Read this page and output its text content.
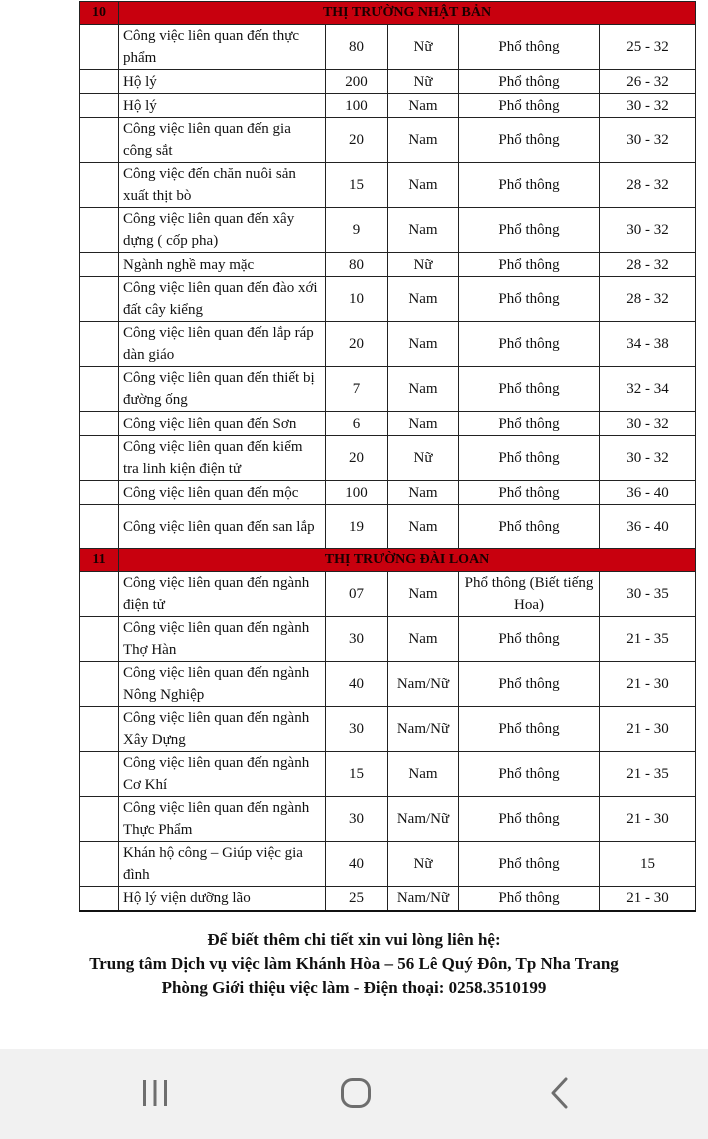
10	THỊ TRƯỜNG NHẬT BẢN				
	Công việc liên quan đến thực phẩm	80	Nữ	Phổ thông	25 - 32
	Hộ lý	200	Nữ	Phổ thông	26 - 32
	Hộ lý	100	Nam	Phổ thông	30 - 32
	Công việc liên quan đến gia công sắt	20	Nam	Phổ thông	30 - 32
	Công việc đến chăn nuôi sản xuất thịt bò	15	Nam	Phổ thông	28 - 32
	Công việc liên quan đến xây dựng ( cốp pha)	9	Nam	Phổ thông	30 - 32
	Ngành nghề may mặc	80	Nữ	Phổ thông	28 - 32
	Công việc liên quan đến đào xới đất cây kiểng	10	Nam	Phổ thông	28 - 32
	Công việc liên quan đến lắp ráp dàn giáo	20	Nam	Phổ thông	34 - 38
	Công việc liên quan đến thiết bị đường ống	7	Nam	Phổ thông	32 - 34
	Công việc liên quan đến Sơn	6	Nam	Phổ thông	30 - 32
	Công việc liên quan đến kiểm tra linh kiện điện tử	20	Nữ	Phổ thông	30 - 32
	Công việc liên quan đến mộc	100	Nam	Phổ thông	36 - 40
	Công việc liên quan đến san lắp	19	Nam	Phổ thông	36 - 40
11	THỊ TRƯỜNG ĐÀI LOAN				
	Công việc liên quan đến ngành điện tử	07	Nam	Phổ thông (Biết tiếng Hoa)	30 - 35
	Công việc liên quan đến ngành Thợ Hàn	30	Nam	Phổ thông	21 - 35
	Công việc liên quan đến ngành Nông Nghiệp	40	Nam/Nữ	Phổ thông	21 - 30
	Công việc liên quan đến ngành Xây Dựng	30	Nam/Nữ	Phổ thông	21 - 30
	Công việc liên quan đến ngành Cơ Khí	15	Nam	Phổ thông	21 - 35
	Công việc liên quan đến ngành Thực Phẩm	30	Nam/Nữ	Phổ thông	21 - 30
	Khán hộ công – Giúp việc gia đình	40	Nữ	Phổ thông	15
	Hộ lý viện dưỡng lão	25	Nam/Nữ	Phổ thông	21 - 30
Để biết thêm chi tiết xin vui lòng liên hệ:
Trung tâm Dịch vụ việc làm Khánh Hòa – 56 Lê Quý Đôn, Tp Nha Trang
Phòng Giới thiệu việc làm - Điện thoại: 0258.3510199
